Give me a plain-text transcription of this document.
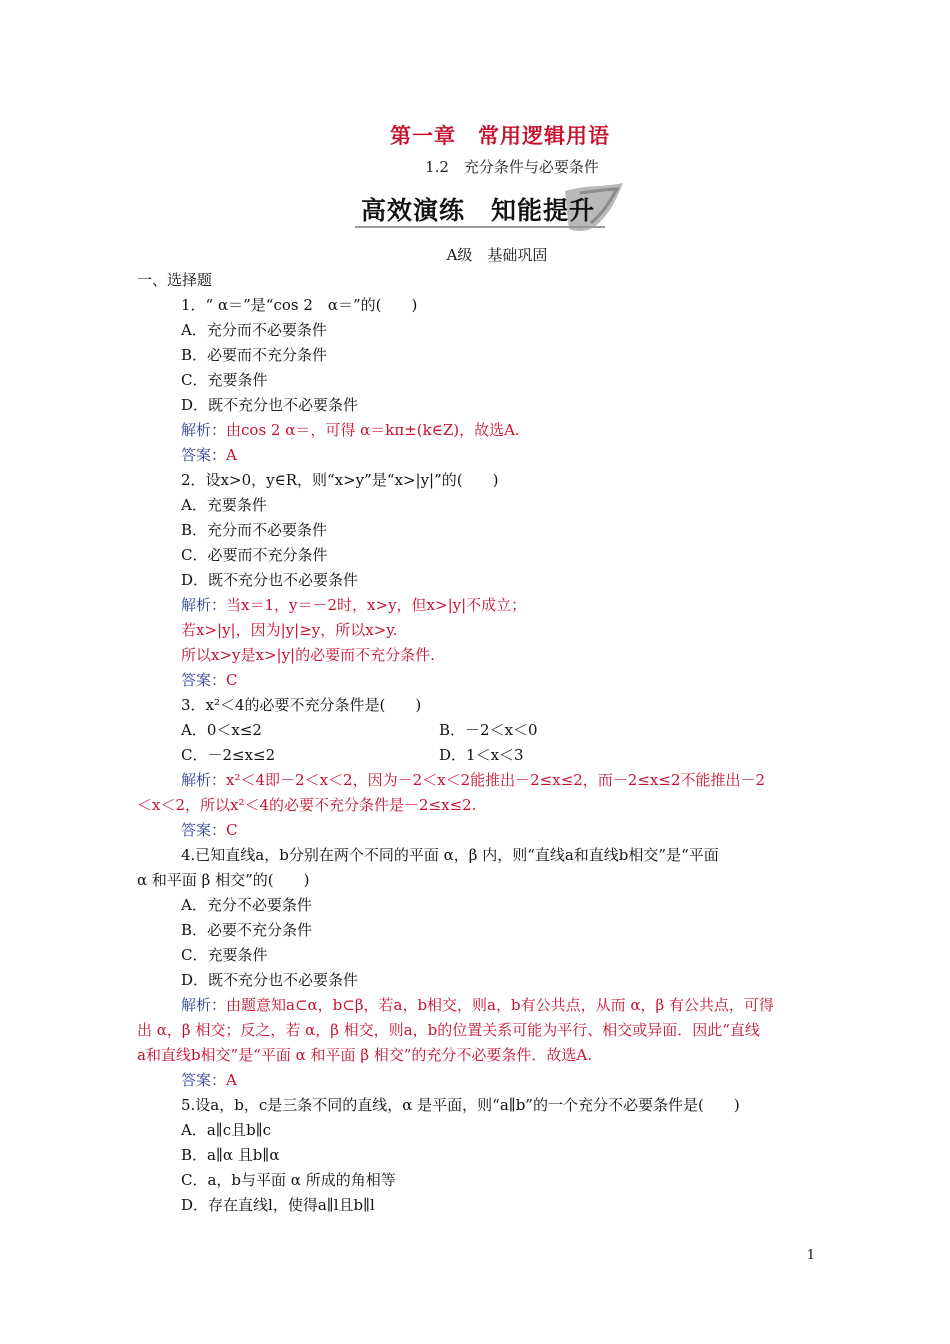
第一章　常用逻辑用语
1.2　充分条件与必要条件
高效演练　知能提升
A级　基础巩固
一、选择题
1．“ α＝”是“cos 2　α＝”的(　　)
A．充分而不必要条件
B．必要而不充分条件
C．充要条件
D．既不充分也不必要条件
解析：由cos 2 α＝，可得 α＝kπ±(k∈Z)，故选A.
答案：A
2．设x>0，y∈R，则“x>y”是“x>|y|”的(　　)
A．充要条件
B．充分而不必要条件
C．必要而不充分条件
D．既不充分也不必要条件
解析：当x＝1，y＝－2时，x>y，但x>|y|不成立；
若x>|y|，因为|y|≥y，所以x>y.
所以x>y是x>|y|的必要而不充分条件.
答案：C
3．x²＜4的必要不充分条件是(　　)
A．0＜x≤2	B．－2＜x＜0
C．－2≤x≤2	D．1＜x＜3
解析：x²＜4即－2＜x＜2，因为－2＜x＜2能推出－2≤x≤2，而－2≤x≤2不能推出－2
＜x＜2，所以x²＜4的必要不充分条件是－2≤x≤2.
答案：C
4.已知直线a，b分别在两个不同的平面 α，β 内，则“直线a和直线b相交”是“平面
α 和平面 β 相交”的(　　)
A．充分不必要条件
B．必要不充分条件
C．充要条件
D．既不充分也不必要条件
解析：由题意知a⊂α，b⊂β，若a，b相交，则a，b有公共点，从而 α，β 有公共点，可得
出 α，β 相交；反之，若 α，β 相交，则a，b的位置关系可能为平行、相交或异面．因此“直线
a和直线b相交”是“平面 α 和平面 β 相交”的充分不必要条件．故选A.
答案：A
5.设a，b，c是三条不同的直线，α 是平面，则“a∥b”的一个充分不必要条件是(　　)
A．a∥c且b∥c
B．a∥α 且b∥α
C．a，b与平面 α 所成的角相等
D．存在直线l，使得a∥l且b∥l
1
